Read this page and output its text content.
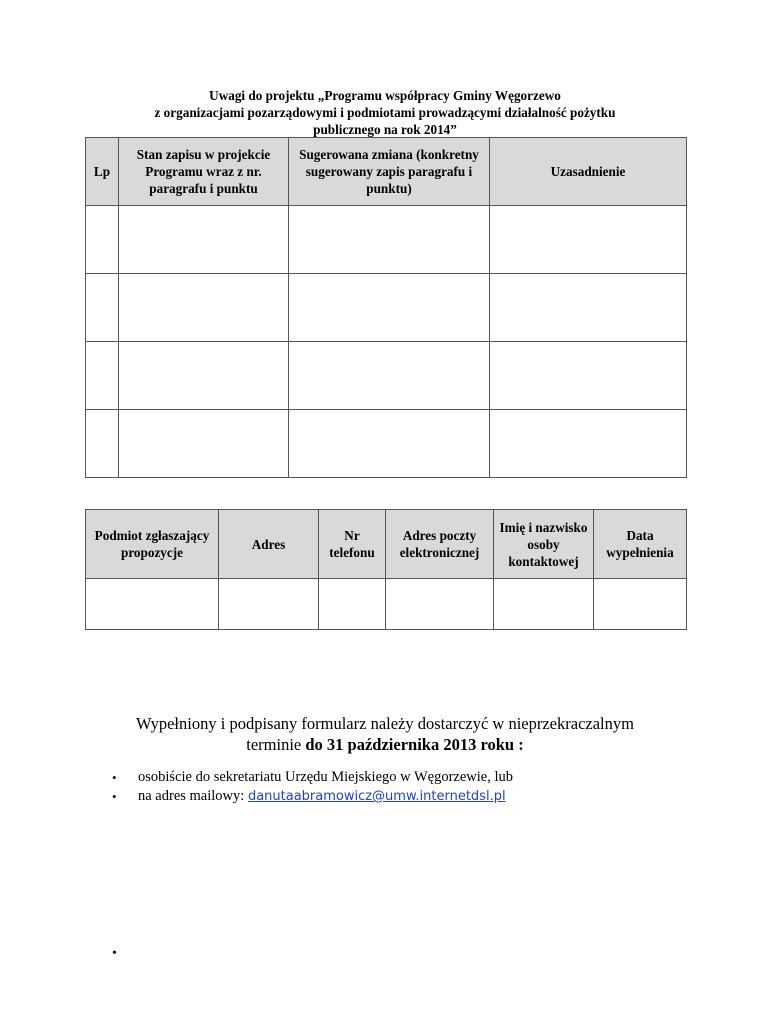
Uwagi do projektu „Programu współpracy Gminy Węgorzewo
z organizacjami pozarządowymi i podmiotami prowadzącymi działalność pożytku
publicznego na rok 2014”
Lp	Stan zapisu w projekcie Programu wraz z nr. paragrafu i punktu	Sugerowana zmiana (konkretny sugerowany zapis paragrafu i punktu)	Uzasadnienie

Podmiot zgłaszający propozycje	Adres	Nr telefonu	Adres poczty elektronicznej	Imię i nazwisko osoby kontaktowej	Data wypełnienia

Wypełniony i podpisany formularz należy dostarczyć w nieprzekraczalnym
terminie do 31 października 2013 roku :
• osobiście do sekretariatu Urzędu Miejskiego w Węgorzewie, lub
• na adres mailowy: danutaabramowicz@umw.internetdsl.pl
•
